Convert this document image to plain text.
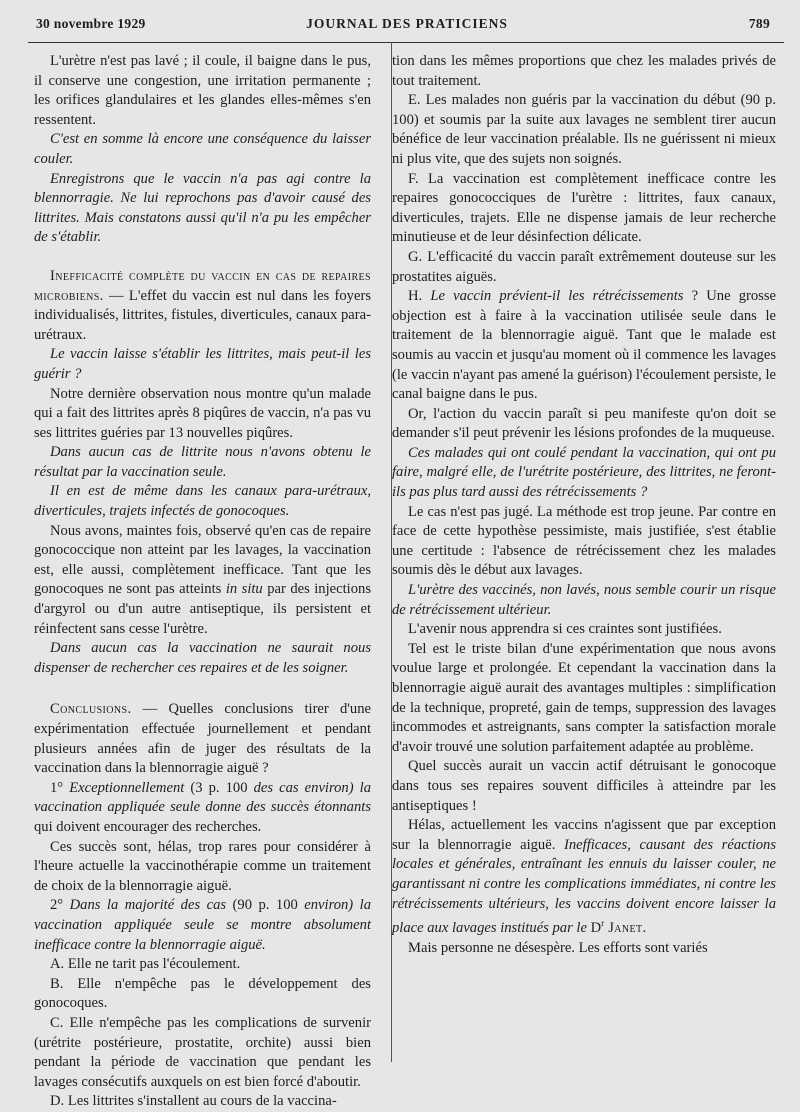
30 novembre 1929	JOURNAL DES PRATICIENS	789

L'urètre n'est pas lavé ; il coule, il baigne dans le pus, il conserve une congestion, une irritation permanente ; les orifices glandulaires et les glandes elles-mêmes s'en ressentent.

C'est en somme là encore une conséquence du laisser couler.

Enregistrons que le vaccin n'a pas agi contre la blennorragie. Ne lui reprochons pas d'avoir causé des littrites. Mais constatons aussi qu'il n'a pu les empêcher de s'établir.

Inefficacité complète du vaccin en cas de repaires microbiens. — L'effet du vaccin est nul dans les foyers individualisés, littrites, fistules, diverticules, canaux para-urétraux.

Le vaccin laisse s'établir les littrites, mais peut-il les guérir ?

Notre dernière observation nous montre qu'un malade qui a fait des littrites après 8 piqûres de vaccin, n'a pas vu ses littrites guéries par 13 nouvelles piqûres.

Dans aucun cas de littrite nous n'avons obtenu le résultat par la vaccination seule.

Il en est de même dans les canaux para-urétraux, diverticules, trajets infectés de gonocoques.

Nous avons, maintes fois, observé qu'en cas de repaire gonococcique non atteint par les lavages, la vaccination est, elle aussi, complètement inefficace. Tant que les gonocoques ne sont pas atteints in situ par des injections d'argyrol ou d'un autre antiseptique, ils persistent et réinfectent sans cesse l'urètre.

Dans aucun cas la vaccination ne saurait nous dispenser de rechercher ces repaires et de les soigner.

Conclusions. — Quelles conclusions tirer d'une expérimentation effectuée journellement et pendant plusieurs années afin de juger des résultats de la vaccination dans la blennorragie aiguë ?

1° Exceptionnellement (3 p. 100 des cas environ) la vaccination appliquée seule donne des succès étonnants qui doivent encourager des recherches.

Ces succès sont, hélas, trop rares pour considérer à l'heure actuelle la vaccinothérapie comme un traitement de choix de la blennorragie aiguë.

2° Dans la majorité des cas (90 p. 100 environ) la vaccination appliquée seule se montre absolument inefficace contre la blennorragie aiguë.

A. Elle ne tarit pas l'écoulement.

B. Elle n'empêche pas le développement des gonocoques.

C. Elle n'empêche pas les complications de survenir (urétrite postérieure, prostatite, orchite) aussi bien pendant la période de vaccination que pendant les lavages consécutifs auxquels on est bien forcé d'aboutir.

D. Les littrites s'installent au cours de la vaccina-

tion dans les mêmes proportions que chez les malades privés de tout traitement.

E. Les malades non guéris par la vaccination du début (90 p. 100) et soumis par la suite aux lavages ne semblent tirer aucun bénéfice de leur vaccination préalable. Ils ne guérissent ni mieux ni plus vite, que des sujets non soignés.

F. La vaccination est complètement inefficace contre les repaires gonococciques de l'urètre : littrites, faux canaux, diverticules, trajets. Elle ne dispense jamais de leur recherche minutieuse et de leur désinfection délicate.

G. L'efficacité du vaccin paraît extrêmement douteuse sur les prostatites aiguës.

H. Le vaccin prévient-il les rétrécissements ? Une grosse objection est à faire à la vaccination utilisée seule dans le traitement de la blennorragie aiguë. Tant que le malade est soumis au vaccin et jusqu'au moment où il commence les lavages (le vaccin n'ayant pas amené la guérison) l'écoulement persiste, le canal baigne dans le pus.

Or, l'action du vaccin paraît si peu manifeste qu'on doit se demander s'il peut prévenir les lésions profondes de la muqueuse.

Ces malades qui ont coulé pendant la vaccination, qui ont pu faire, malgré elle, de l'urétrite postérieure, des littrites, ne feront-ils pas plus tard aussi des rétrécissements ?

Le cas n'est pas jugé. La méthode est trop jeune. Par contre en face de cette hypothèse pessimiste, mais justifiée, s'est établie une certitude : l'absence de rétrécissement chez les malades soumis dès le début aux lavages.

L'urètre des vaccinés, non lavés, nous semble courir un risque de rétrécissement ultérieur.

L'avenir nous apprendra si ces craintes sont justifiées.

Tel est le triste bilan d'une expérimentation que nous avons voulue large et prolongée. Et cependant la vaccination dans la blennorragie aiguë aurait des avantages multiples : simplification de la technique, propreté, gain de temps, suppression des lavages incommodes et astreignants, sans compter la satisfaction morale d'avoir trouvé une solution parfaitement adaptée au problème.

Quel succès aurait un vaccin actif détruisant le gonocoque dans tous ses repaires souvent difficiles à atteindre par les antiseptiques !

Hélas, actuellement les vaccins n'agissent que par exception sur la blennorragie aiguë. Inefficaces, causant des réactions locales et générales, entraînant les ennuis du laisser couler, ne garantissant ni contre les complications immédiates, ni contre les rétrécissements ultérieurs, les vaccins doivent encore laisser la place aux lavages institués par le $D^r$ Janet.

Mais personne ne désespère. Les efforts sont variés
